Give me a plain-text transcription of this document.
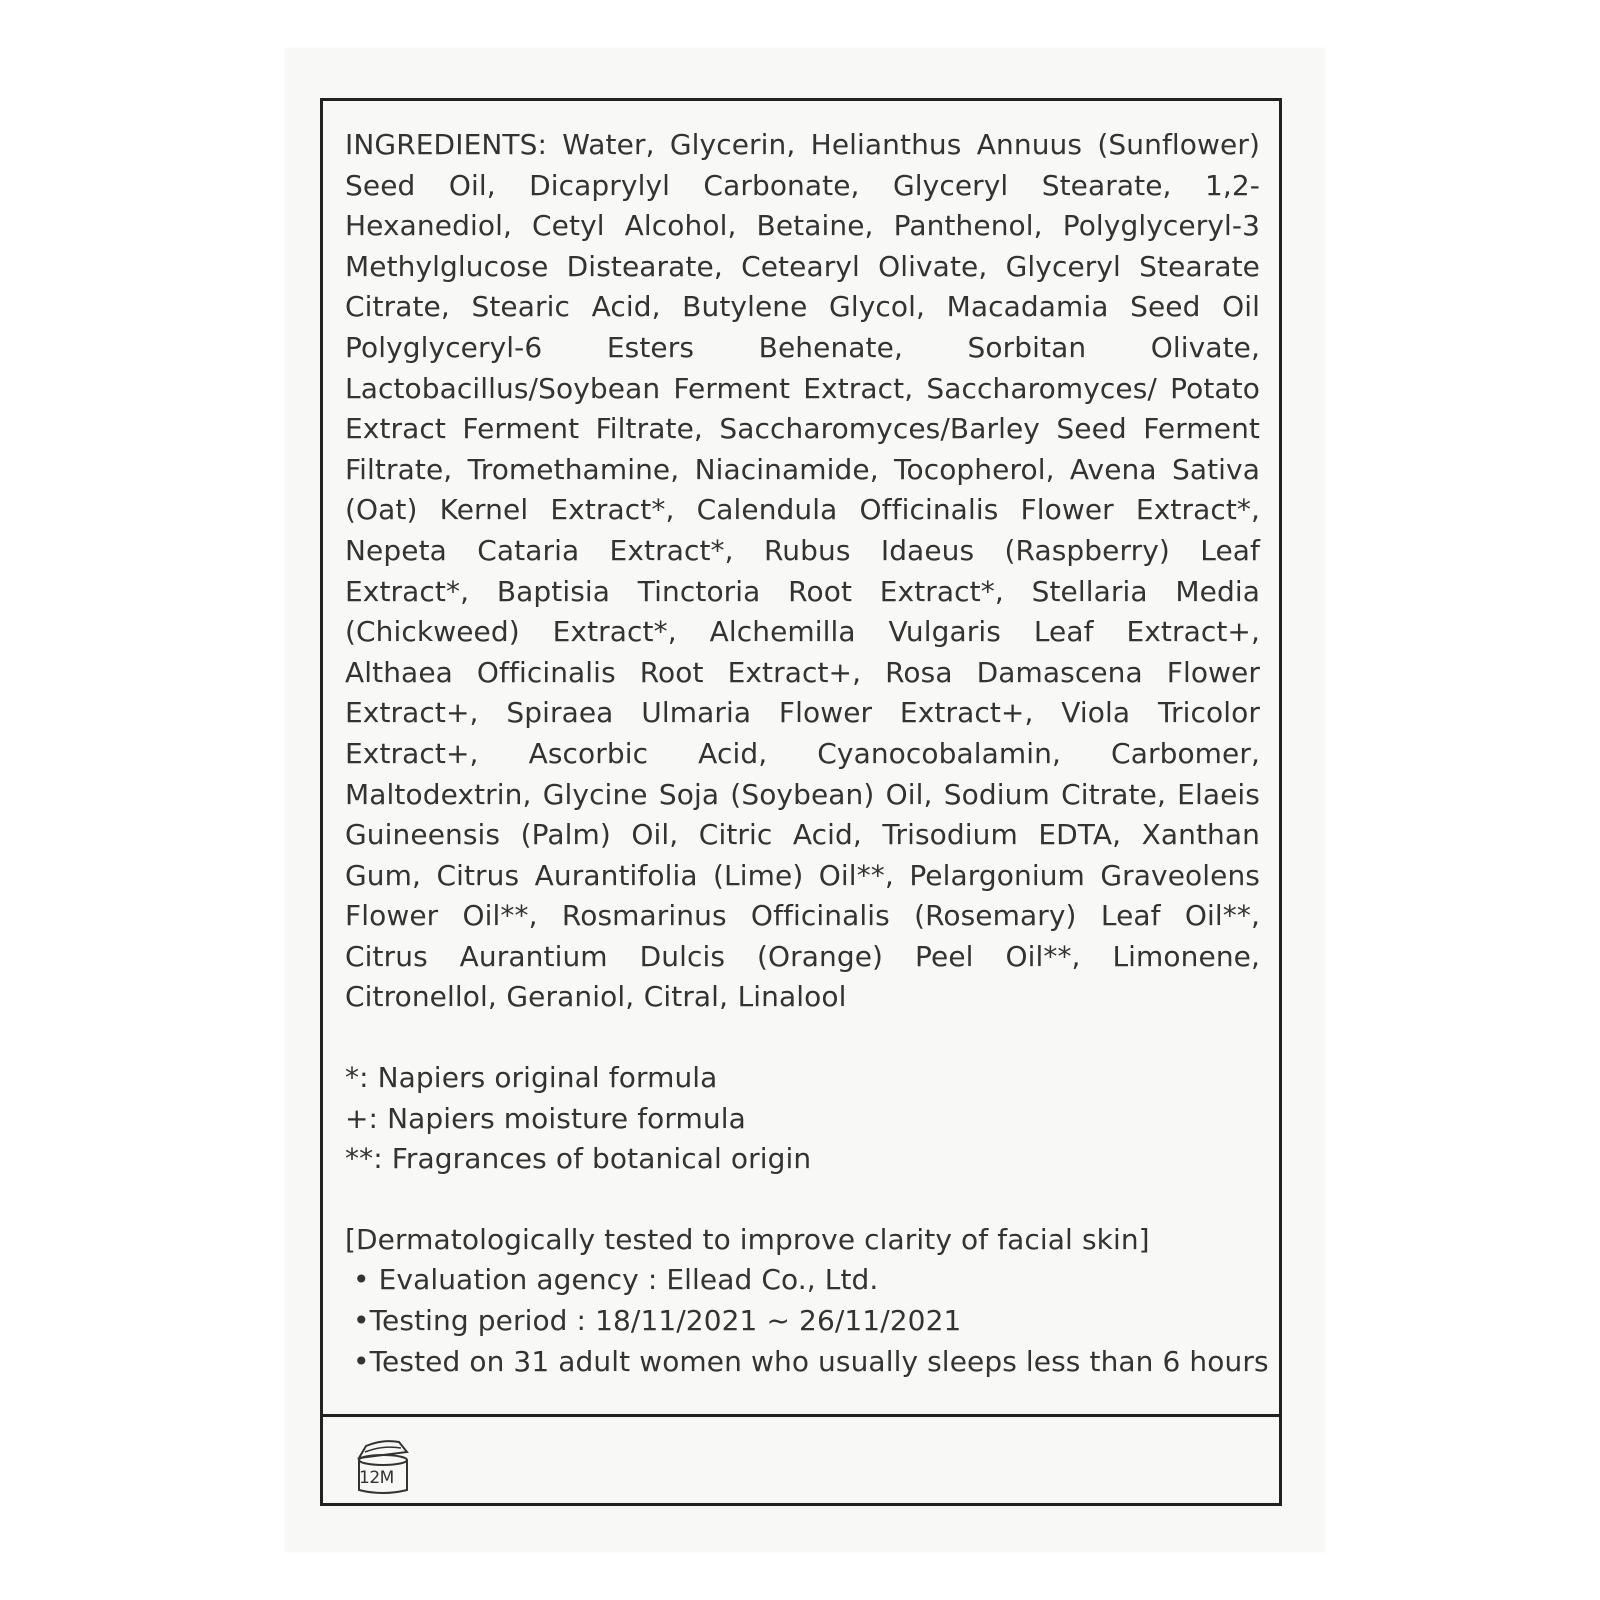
INGREDIENTS: Water, Glycerin, Helianthus Annuus (Sunflower) Seed Oil, Dicaprylyl Carbonate, Glyceryl Stearate, 1,2-Hexanediol, Cetyl Alcohol, Betaine, Panthenol, Polyglyceryl-3 Methylglucose Distearate, Cetearyl Olivate, Glyceryl Stearate Citrate, Stearic Acid, Butylene Glycol, Macadamia Seed Oil Polyglyceryl-6 Esters Behenate, Sorbitan Olivate, Lactobacillus/Soybean Ferment Extract, Saccharomyces/ Potato Extract Ferment Filtrate, Saccharomyces/Barley Seed Ferment Filtrate, Tromethamine, Niacinamide, Tocopherol, Avena Sativa (Oat) Kernel Extract*, Calendula Officinalis Flower Extract*, Nepeta Cataria Extract*, Rubus Idaeus (Raspberry) Leaf Extract*, Baptisia Tinctoria Root Extract*, Stellaria Media (Chickweed) Extract*, Alchemilla Vulgaris Leaf Extract+, Althaea Officinalis Root Extract+, Rosa Damascena Flower Extract+, Spiraea Ulmaria Flower Extract+, Viola Tricolor Extract+, Ascorbic Acid, Cyanocobalamin, Carbomer, Maltodextrin, Glycine Soja (Soybean) Oil, Sodium Citrate, Elaeis Guineensis (Palm) Oil, Citric Acid, Trisodium EDTA, Xanthan Gum, Citrus Aurantifolia (Lime) Oil**, Pelargonium Graveolens Flower Oil**, Rosmarinus Officinalis (Rosemary) Leaf Oil**, Citrus Aurantium Dulcis (Orange) Peel Oil**, Limonene, Citronellol, Geraniol, Citral, Linalool

*: Napiers original formula
+: Napiers moisture formula
**: Fragrances of botanical origin
[Dermatologically tested to improve clarity of facial skin]
• Evaluation agency : Ellead Co., Ltd.
•Testing period : 18/11/2021 ~ 26/11/2021
•Tested on 31 adult women who usually sleeps less than 6 hours
12M
